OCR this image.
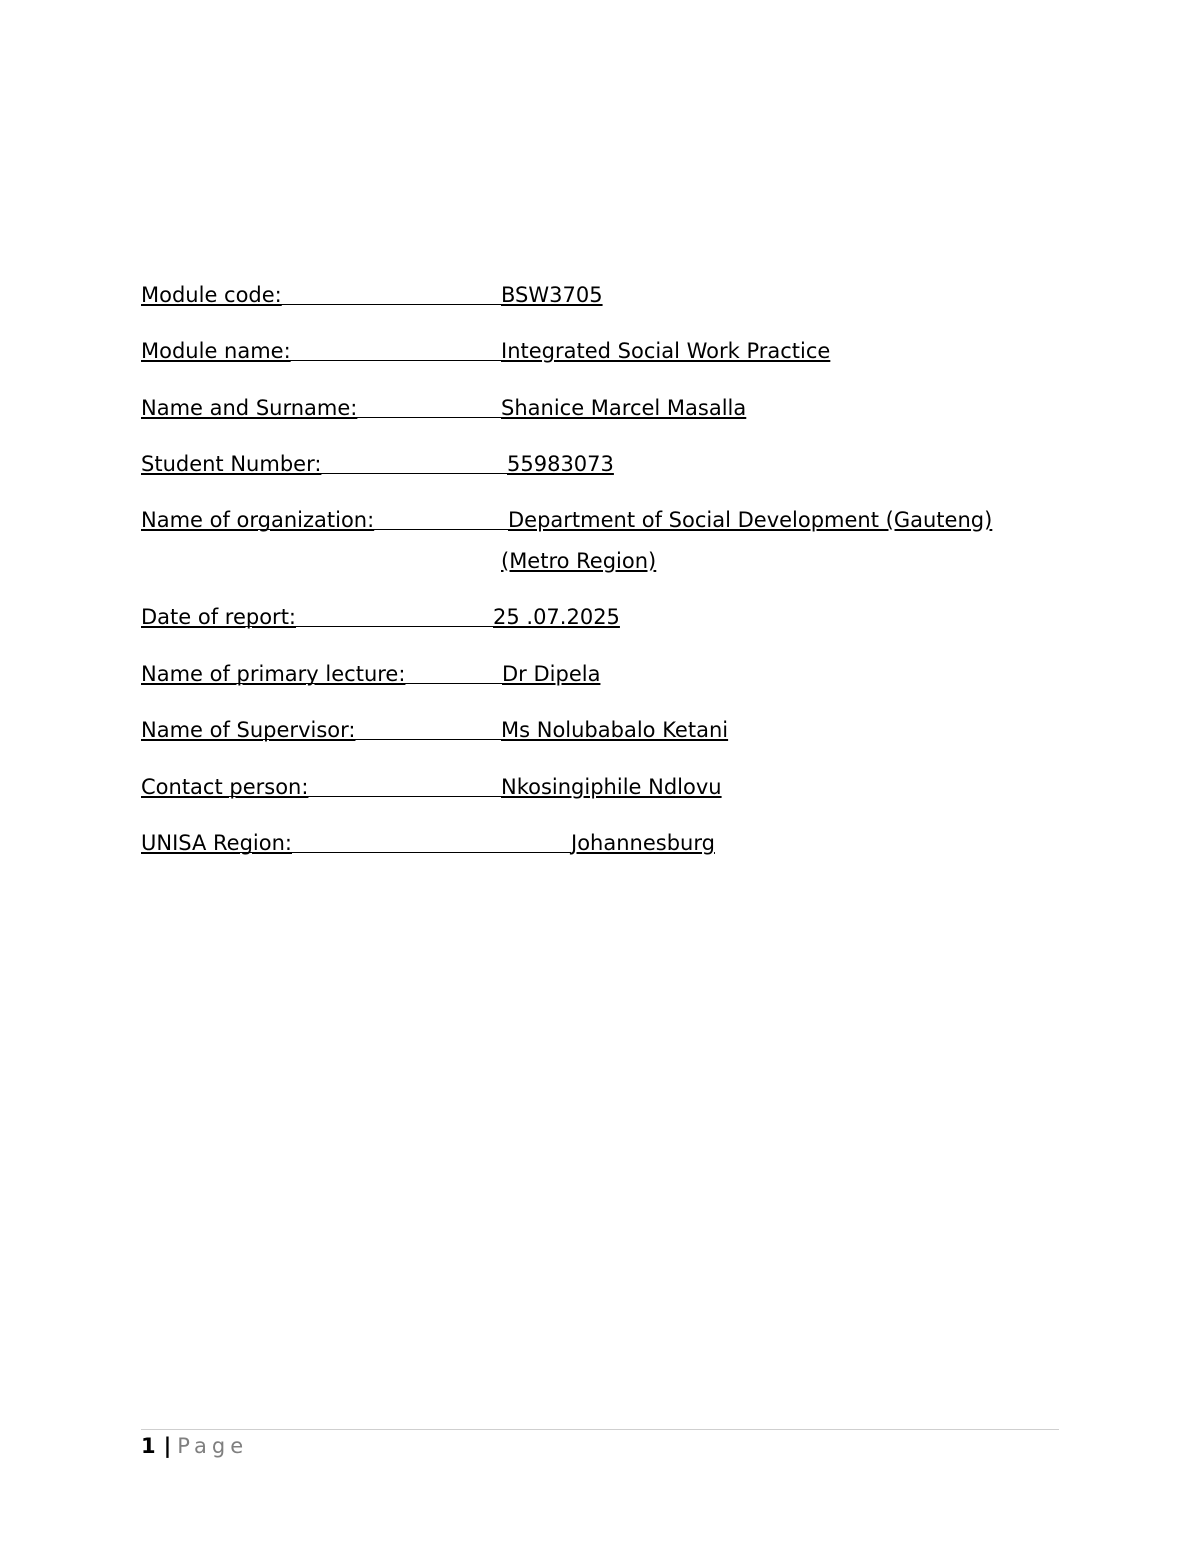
Module code:	BSW3705
Module name:	Integrated Social Work Practice
Name and Surname:	Shanice Marcel Masalla
Student Number:	55983073
Name of organization:	Department of Social Development (Gauteng)
(Metro Region)
Date of report:	25 .07.2025
Name of primary lecture:	Dr Dipela
Name of Supervisor:	Ms Nolubabalo Ketani
Contact person:	Nkosingiphile Ndlovu
UNISA Region:	Johannesburg
1 | Page
